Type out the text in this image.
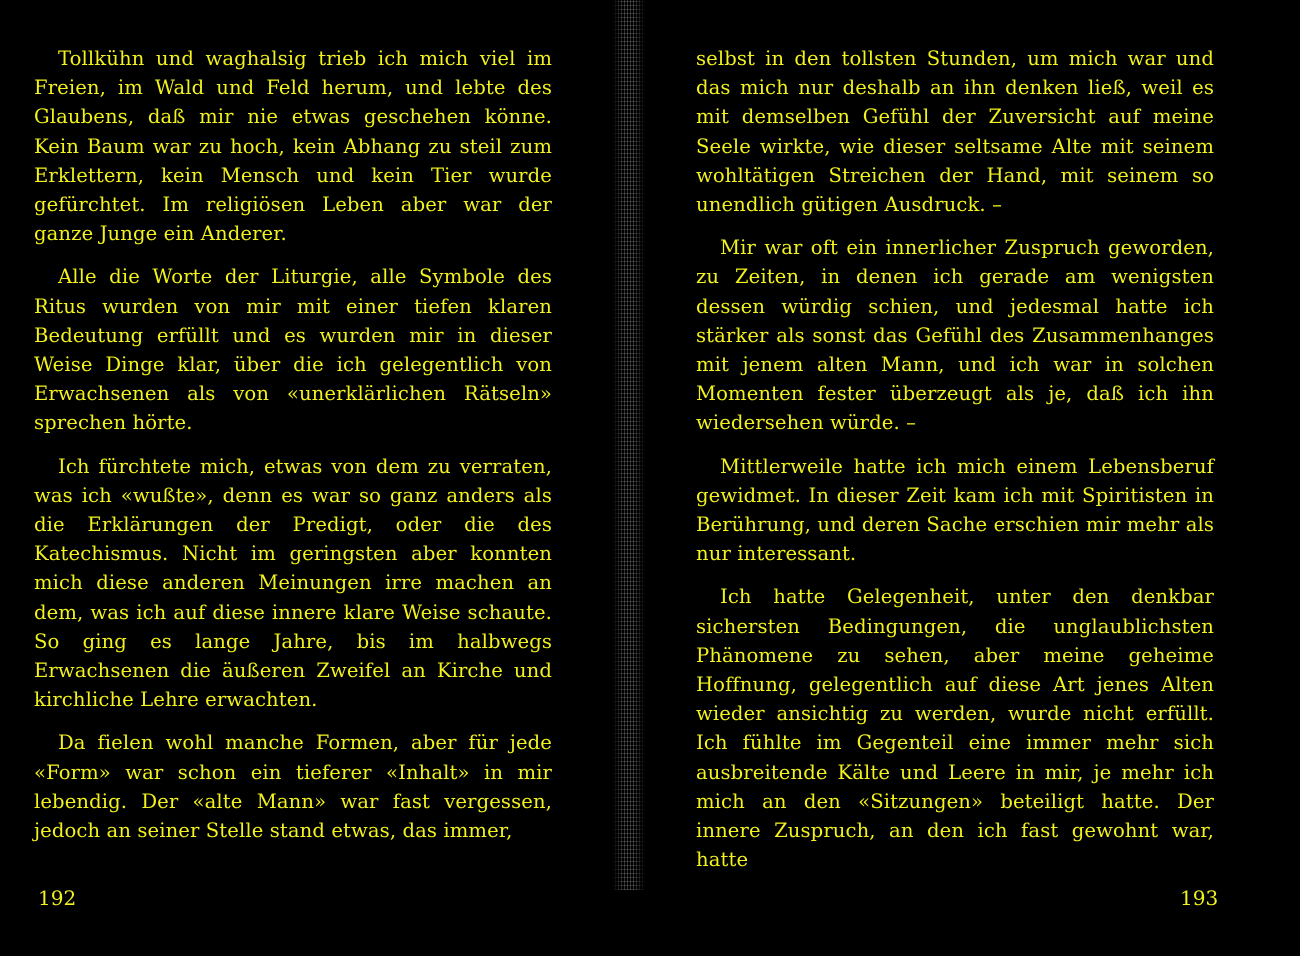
Tollkühn und waghalsig trieb ich mich viel im Freien, im Wald und Feld herum, und lebte des Glaubens, daß mir nie etwas geschehen könne. Kein Baum war zu hoch, kein Abhang zu steil zum Erklettern, kein Mensch und kein Tier wurde gefürchtet. Im religiösen Leben aber war der ganze Junge ein Anderer.

Alle die Worte der Liturgie, alle Symbole des Ritus wurden von mir mit einer tiefen klaren Bedeutung erfüllt und es wurden mir in dieser Weise Dinge klar, über die ich gelegentlich von Erwachsenen als von «unerklärlichen Rätseln» sprechen hörte.

Ich fürchtete mich, etwas von dem zu verraten, was ich «wußte», denn es war so ganz anders als die Erklärungen der Predigt, oder die des Katechismus. Nicht im geringsten aber konnten mich diese anderen Meinungen irre machen an dem, was ich auf diese innere klare Weise schaute. So ging es lange Jahre, bis im halbwegs Erwachsenen die äußeren Zweifel an Kirche und kirchliche Lehre erwachten.

Da fielen wohl manche Formen, aber für jede «Form» war schon ein tieferer «Inhalt» in mir lebendig. Der «alte Mann» war fast vergessen, jedoch an seiner Stelle stand etwas, das immer,

192

selbst in den tollsten Stunden, um mich war und das mich nur deshalb an ihn denken ließ, weil es mit demselben Gefühl der Zuversicht auf meine Seele wirkte, wie dieser seltsame Alte mit seinem wohltätigen Streichen der Hand, mit seinem so unendlich gütigen Ausdruck. –

Mir war oft ein innerlicher Zuspruch geworden, zu Zeiten, in denen ich gerade am wenigsten dessen würdig schien, und jedesmal hatte ich stärker als sonst das Gefühl des Zusammenhanges mit jenem alten Mann, und ich war in solchen Momenten fester überzeugt als je, daß ich ihn wiedersehen würde. –

Mittlerweile hatte ich mich einem Lebensberuf gewidmet. In dieser Zeit kam ich mit Spiritisten in Berührung, und deren Sache erschien mir mehr als nur interessant.

Ich hatte Gelegenheit, unter den denkbar sichersten Bedingungen, die unglaublichsten Phänomene zu sehen, aber meine geheime Hoffnung, gelegentlich auf diese Art jenes Alten wieder ansichtig zu werden, wurde nicht erfüllt. Ich fühlte im Gegenteil eine immer mehr sich ausbreitende Kälte und Leere in mir, je mehr ich mich an den «Sitzungen» beteiligt hatte. Der innere Zuspruch, an den ich fast gewohnt war, hatte

193
